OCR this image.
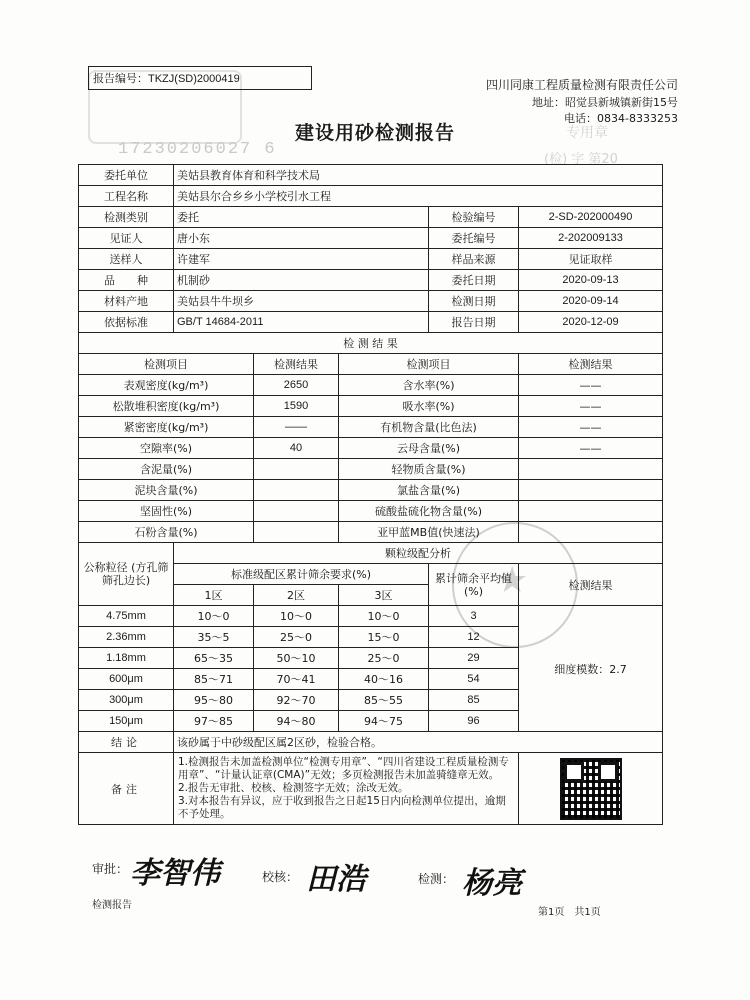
17230206027 6
专用章
(检) 字 第20
★
报告编号：TKZJ(SD)2000419	四川同康工程质量检测有限责任公司
地址：昭觉县新城镇新街15号
电话：0834-8333253
建设用砂检测报告
委托单位	美姑县教育体育和科学技术局				
工程名称	美姑县尔合乡乡小学校引水工程				
检测类别	委托			检验编号	2-SD-202000490
见证人	唐小东			委托编号	2-202009133
送样人	许建军			样品来源	见证取样
品　　种	机制砂			委托日期	2020-09-13
材料产地	美姑县牛牛坝乡			检测日期	2020-09-14
依据标准	GB/T 14684-2011			报告日期	2020-12-09
检 测 结 果					
检测项目		检测结果	检测项目		检测结果
表观密度(kg/m³)		2650	含水率(%)		——
松散堆积密度(kg/m³)		1590	吸水率(%)		——
紧密密度(kg/m³)		——	有机物含量(比色法)		——
空隙率(%)		40	云母含量(%)		——
含泥量(%)			轻物质含量(%)		
泥块含量(%)			氯盐含量(%)		
坚固性(%)			硫酸盐硫化物含量(%)		
石粉含量(%)			亚甲蓝MB值(快速法)		
公称粒径 (方孔筛筛孔边长)	颗粒级配分析				
	标准级配区累计筛余要求(%)			累计筛余平均值(%)	检测结果
	1区	2区	3区		
4.75mm	10～0	10～0	10～0	3	细度模数：2.7
2.36mm	35～5	25～0	15～0	12	
1.18mm	65～35	50～10	25～0	29	
600μm	85～71	70～41	40～16	54	
300μm	95～80	92～70	85～55	85	
150μm	97～85	94～80	94～75	96	
结论	该砂属于中砂级配区属2区砂，检验合格。				
备注	1.检测报告未加盖检测单位“检测专用章”、“四川省建设工程质量检测专用章”、“计量认证章(CMA)”无效；多页检测报告未加盖骑缝章无效。
2.报告无审批、校核、检测签字无效；涂改无效。
3.对本报告有异议，应于收到报告之日起15日内向检测单位提出，逾期不予处理。				

审批： 李智伟	校核： 田浩	检测： 杨亮
检测报告
第1页　共1页
